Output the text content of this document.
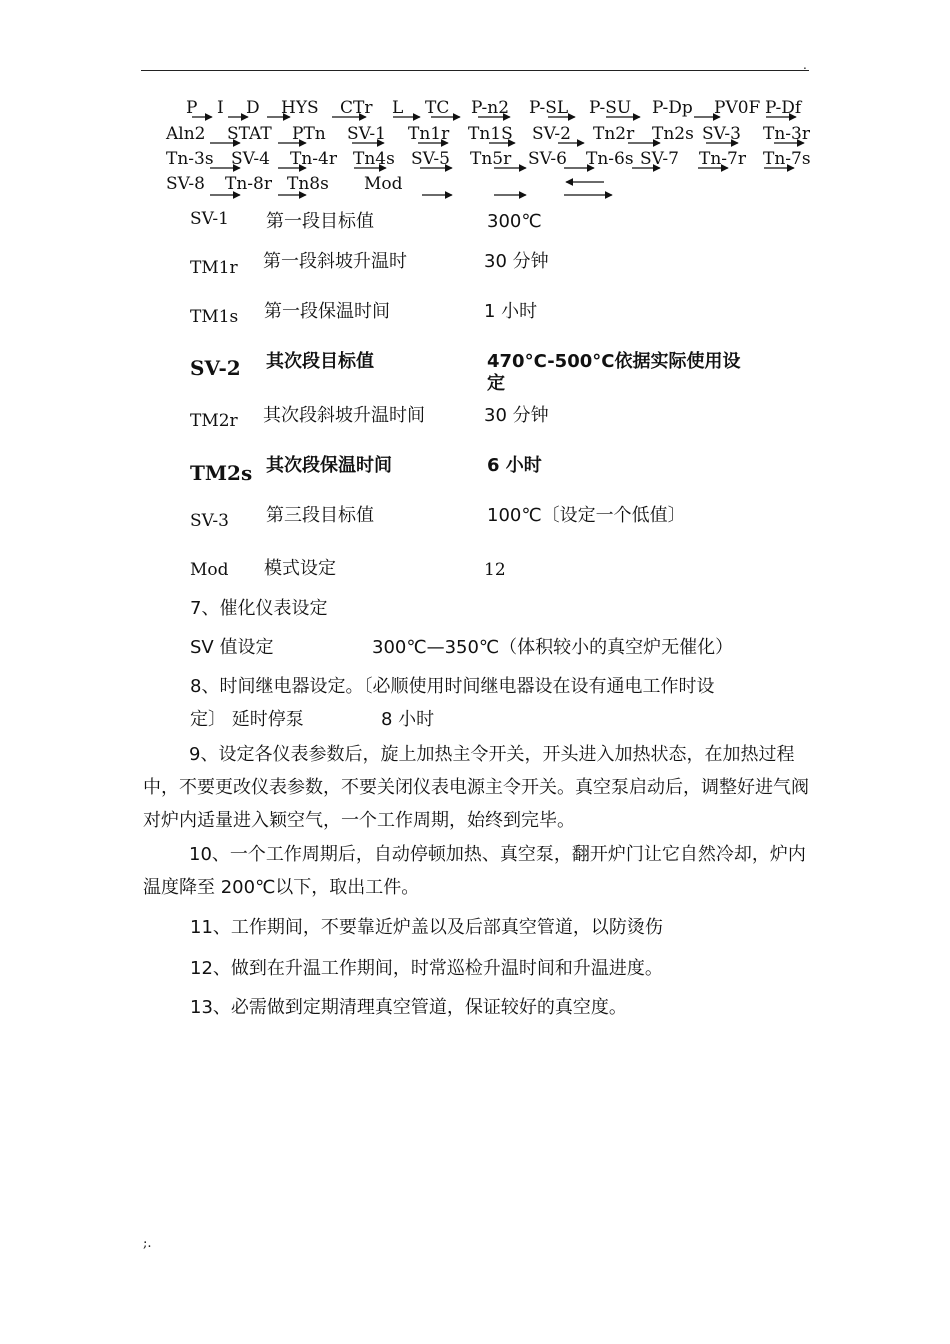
.
P I D HYS CTr L TC P-n2 P-SL P-SU P-Dp PV0F P-Df
Aln2 STAT PTn SV-1 Tn1r Tn1S SV-2 Tn2r Tn2s SV-3 Tn-3r
Tn-3s SV-4 Tn-4r Tn4s SV-5 Tn5r SV-6 Tn-6s SV-7 Tn-7r Tn-7s
SV-8 Tn-8r Tn8s Mod
SV-1 第一段目标值	300℃
TM1r 第一段斜坡升温时	30 分钟
TM1s 第一段保温时间	1 小时
SV-2 其次段目标值	470°C-500°C依据实际使用设定
TM2r 其次段斜坡升温时间	30 分钟
TM2s 其次段保温时间	6 小时
SV-3 第三段目标值	100℃〔设定一个低值〕
Mod 模式设定	12
7、催化仪表设定
SV 值设定	300℃—350℃（体积较小的真空炉无催化）
8、时间继电器设定。〔必顺使用时间继电器设在设有通电工作时设
定〕 延时停泵	8 小时
9、设定各仪表参数后，旋上加热主令开关，开头进入加热状态，在加热过程中，不要更改仪表参数，不要关闭仪表电源主令开关。真空泵启动后，调整好进气阀对炉内适量进入颖空气，一个工作周期，始终到完毕。
10、一个工作周期后，自动停顿加热、真空泵，翻开炉门让它自然冷却，炉内温度降至 200℃以下，取出工件。
11、工作期间，不要靠近炉盖以及后部真空管道，以防烫伤
12、做到在升温工作期间，时常巡检升温时间和升温进度。
13、必需做到定期清理真空管道，保证较好的真空度。
;.
